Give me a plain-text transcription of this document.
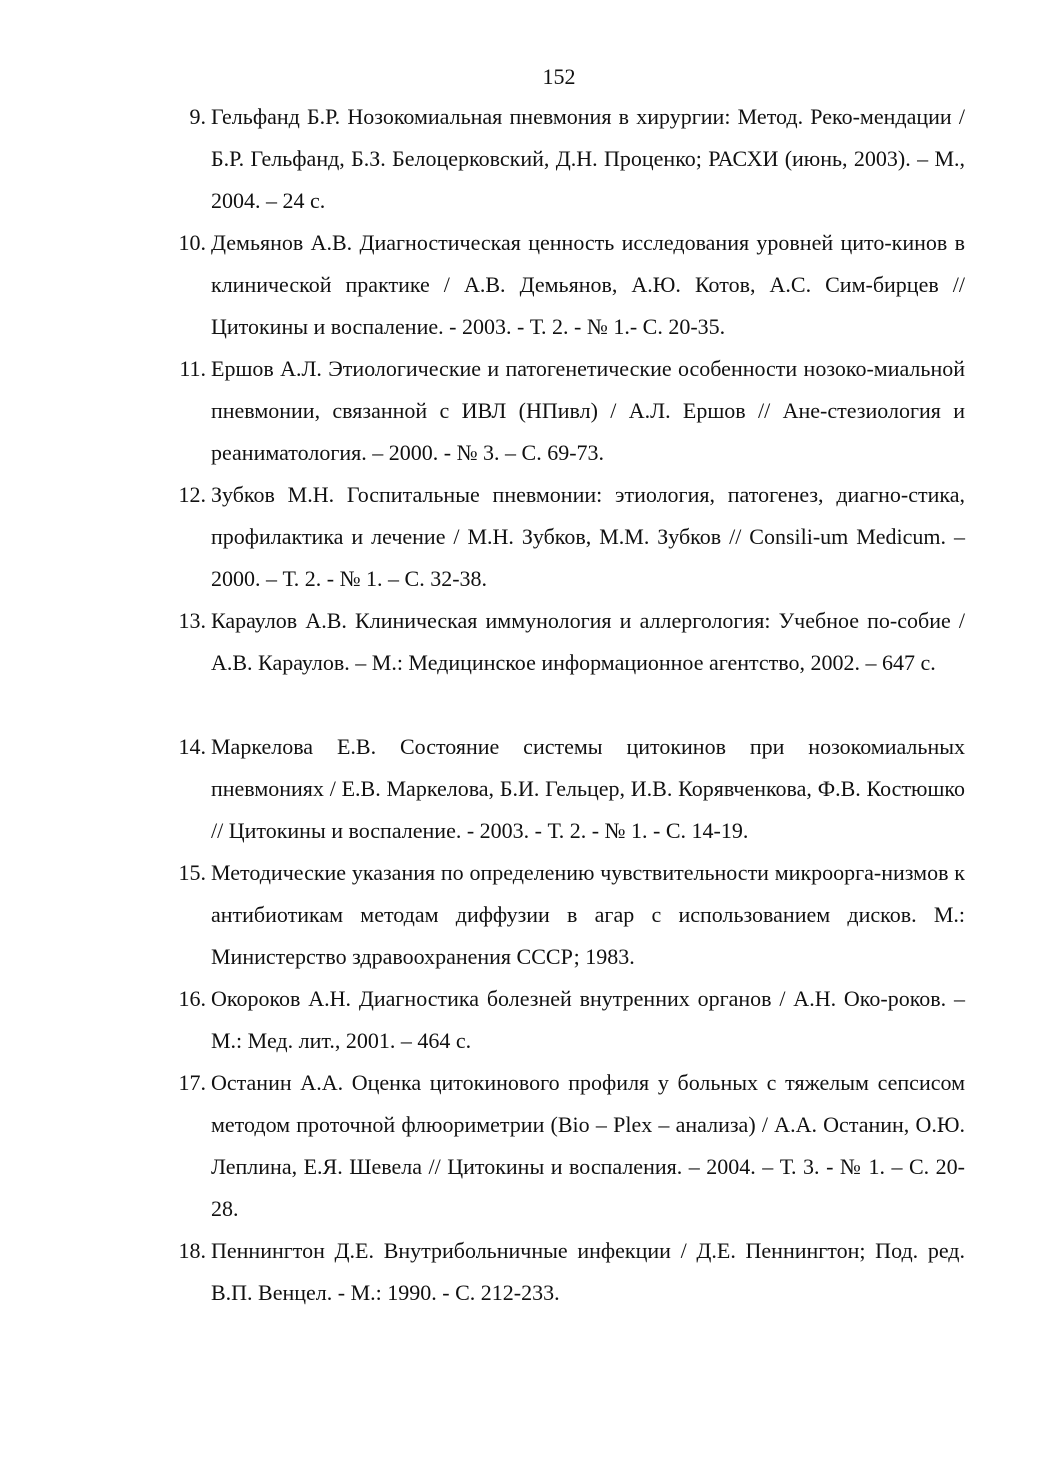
152
9. Гельфанд Б.Р. Нозокомиальная пневмония в хирургии: Метод. Реко-мендации / Б.Р. Гельфанд, Б.З. Белоцерковский, Д.Н. Проценко; РАСХИ (июнь, 2003). – М., 2004. – 24 с.
10. Демьянов А.В. Диагностическая ценность исследования уровней цито-кинов в клинической практике / А.В. Демьянов, А.Ю. Котов, А.С. Сим-бирцев // Цитокины и воспаление. - 2003. - Т. 2. - № 1.- С. 20-35.
11. Ершов А.Л. Этиологические и патогенетические особенности нозоко-миальной пневмонии, связанной с ИВЛ (НПивл) / А.Л. Ершов // Ане-стезиология и реаниматология. – 2000. - № 3. – С. 69-73.
12. Зубков М.Н. Госпитальные пневмонии: этиология, патогенез, диагно-стика, профилактика и лечение / М.Н. Зубков, М.М. Зубков // Consili-um Medicum. – 2000. – Т. 2. - № 1. – С. 32-38.
13. Караулов А.В. Клиническая иммунология и аллергология: Учебное по-собие / А.В. Караулов. – М.: Медицинское информационное агентство, 2002. – 647 с.
14. Маркелова Е.В. Состояние системы цитокинов при нозокомиальных пневмониях / Е.В. Маркелова, Б.И. Гельцер, И.В. Корявченкова, Ф.В. Костюшко // Цитокины и воспаление. - 2003. - Т. 2. - № 1. - С. 14-19.
15. Методические указания по определению чувствительности микроорга-низмов к антибиотикам методам диффузии в агар с использованием дисков. М.: Министерство здравоохранения СССР; 1983.
16. Окороков А.Н. Диагностика болезней внутренних органов / А.Н. Око-роков. – М.: Мед. лит., 2001. – 464 с.
17. Останин А.А. Оценка цитокинового профиля у больных с тяжелым сепсисом методом проточной флюориметрии (Bio – Plex – анализа) / А.А. Останин, О.Ю. Леплина, Е.Я. Шевела // Цитокины и воспаления. – 2004. – Т. 3. - № 1. – С. 20-28.
18. Пеннингтон Д.Е. Внутрибольничные инфекции / Д.Е. Пеннингтон; Под. ред. В.П. Венцел. - М.: 1990. - С. 212-233.
